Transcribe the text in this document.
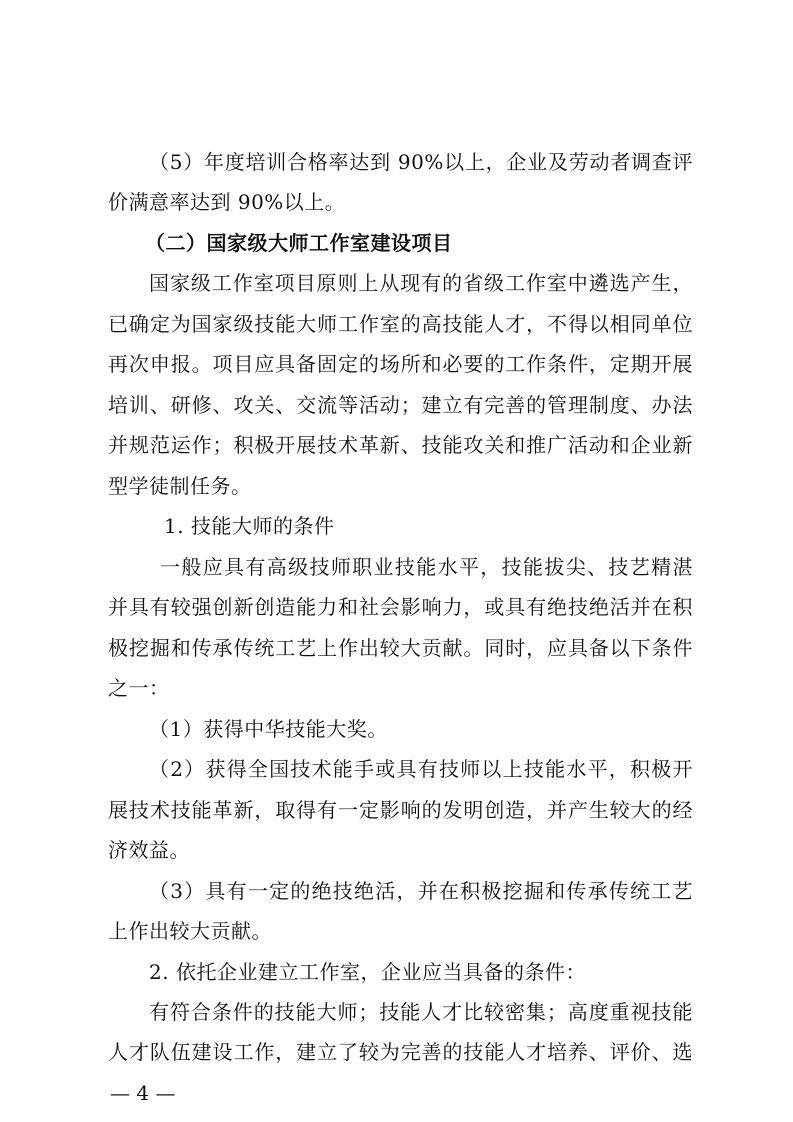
（5）年度培训合格率达到 90%以上，企业及劳动者调查评
价满意率达到 90%以上。
（二）国家级大师工作室建设项目
国家级工作室项目原则上从现有的省级工作室中遴选产生，
已确定为国家级技能大师工作室的高技能人才，不得以相同单位
再次申报。项目应具备固定的场所和必要的工作条件，定期开展
培训、研修、攻关、交流等活动；建立有完善的管理制度、办法
并规范运作；积极开展技术革新、技能攻关和推广活动和企业新
型学徒制任务。
1. 技能大师的条件
一般应具有高级技师职业技能水平，技能拔尖、技艺精湛
并具有较强创新创造能力和社会影响力，或具有绝技绝活并在积
极挖掘和传承传统工艺上作出较大贡献。同时，应具备以下条件
之一：
（1）获得中华技能大奖。
（2）获得全国技术能手或具有技师以上技能水平，积极开
展技术技能革新，取得有一定影响的发明创造，并产生较大的经
济效益。
（3）具有一定的绝技绝活，并在积极挖掘和传承传统工艺
上作出较大贡献。
2. 依托企业建立工作室，企业应当具备的条件：
有符合条件的技能大师；技能人才比较密集；高度重视技能
— 4 —
人才队伍建设工作，建立了较为完善的技能人才培养、评价、选
